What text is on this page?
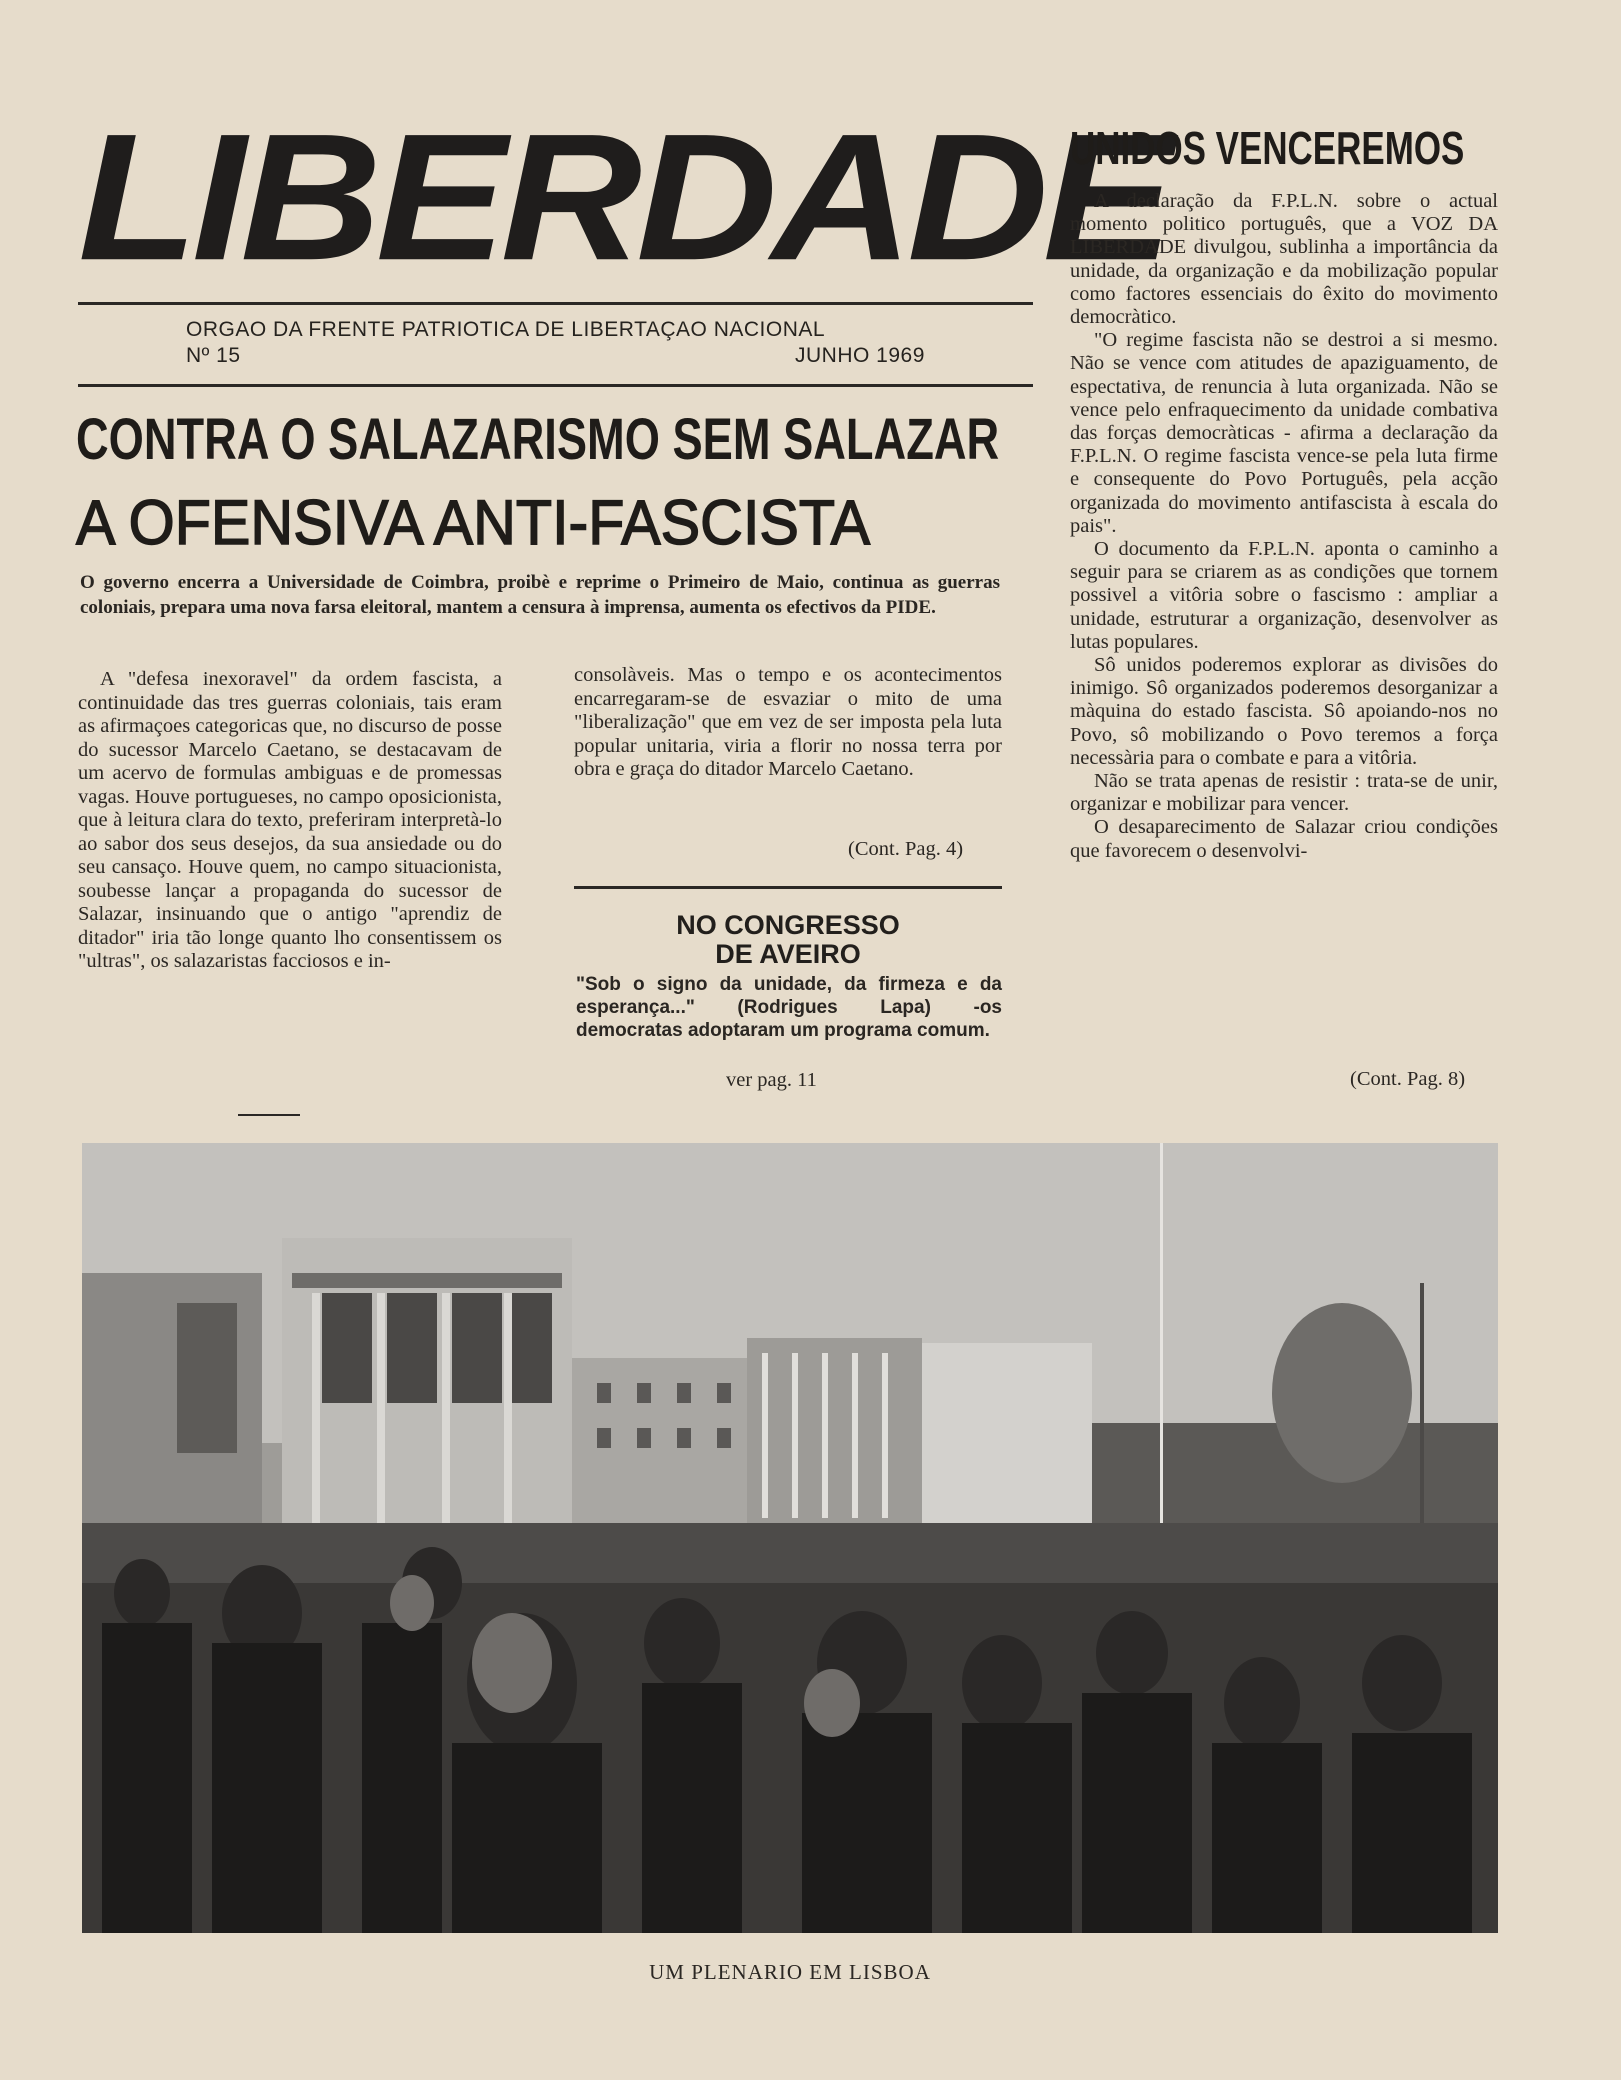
LIBERDADE
ORGAO DA FRENTE PATRIOTICA DE LIBERTAÇAO NACIONAL
Nº 15	JUNHO 1969
CONTRA O SALAZARISMO SEM SALAZAR
A OFENSIVA ANTI-FASCISTA
O governo encerra a Universidade de Coimbra, proibè e reprime o Primeiro de Maio, continua as guerras coloniais, prepara uma nova farsa eleitoral, mantem a censura à imprensa, aumenta os efectivos da PIDE.
A "defesa inexoravel" da ordem fascista, a continuidade das tres guerras coloniais, tais eram as afirmaçoes categoricas que, no discurso de posse do sucessor Marcelo Caetano, se destacavam de um acervo de formulas ambiguas e de promessas vagas. Houve portugueses, no campo oposicionista, que à leitura clara do texto, preferiram interpretà-lo ao sabor dos seus desejos, da sua ansiedade ou do seu cansaço. Houve quem, no campo situacionista, soubesse lançar a propaganda do sucessor de Salazar, insinuando que o antigo "aprendiz de ditador" iria tão longe quanto lho consentissem os "ultras", os salazaristas facciosos e in-
consolàveis. Mas o tempo e os acontecimentos encarregaram-se de esvaziar o mito de uma "liberalização" que em vez de ser imposta pela luta popular unitaria, viria a florir no nossa terra por obra e graça do ditador Marcelo Caetano.
(Cont. Pag. 4)
NO CONGRESSO
DE AVEIRO
"Sob o signo da unidade, da firmeza e da esperança..." (Rodrigues Lapa) -os democratas adoptaram um programa comum.
ver pag. 11
UNIDOS VENCEREMOS

A declaração da F.P.L.N. sobre o actual momento politico português, que a VOZ DA LIBERDADE divulgou, sublinha a importância da unidade, da organização e da mobilização popular como factores essenciais do êxito do movimento democràtico.

"O regime fascista não se destroi a si mesmo. Não se vence com atitudes de apaziguamento, de espectativa, de renuncia à luta organizada. Não se vence pelo enfraquecimento da unidade combativa das forças democràticas - afirma a declaração da F.P.L.N. O regime fascista vence-se pela luta firme e consequente do Povo Português, pela acção organizada do movimento antifascista à escala do pais".

O documento da F.P.L.N. aponta o caminho a seguir para se criarem as as condições que tornem possivel a vitôria sobre o fascismo : ampliar a unidade, estruturar a organização, desenvolver as lutas populares.

Sô unidos poderemos explorar as divisões do inimigo. Sô organizados poderemos desorganizar a màquina do estado fascista. Sô apoiando-nos no Povo, sô mobilizando o Povo teremos a força necessària para o combate e para a vitôria.

Não se trata apenas de resistir : trata-se de unir, organizar e mobilizar para vencer.

O desaparecimento de Salazar criou condições que favorecem o desenvolvi-

(Cont. Pag. 8)
UM PLENARIO EM LISBOA
